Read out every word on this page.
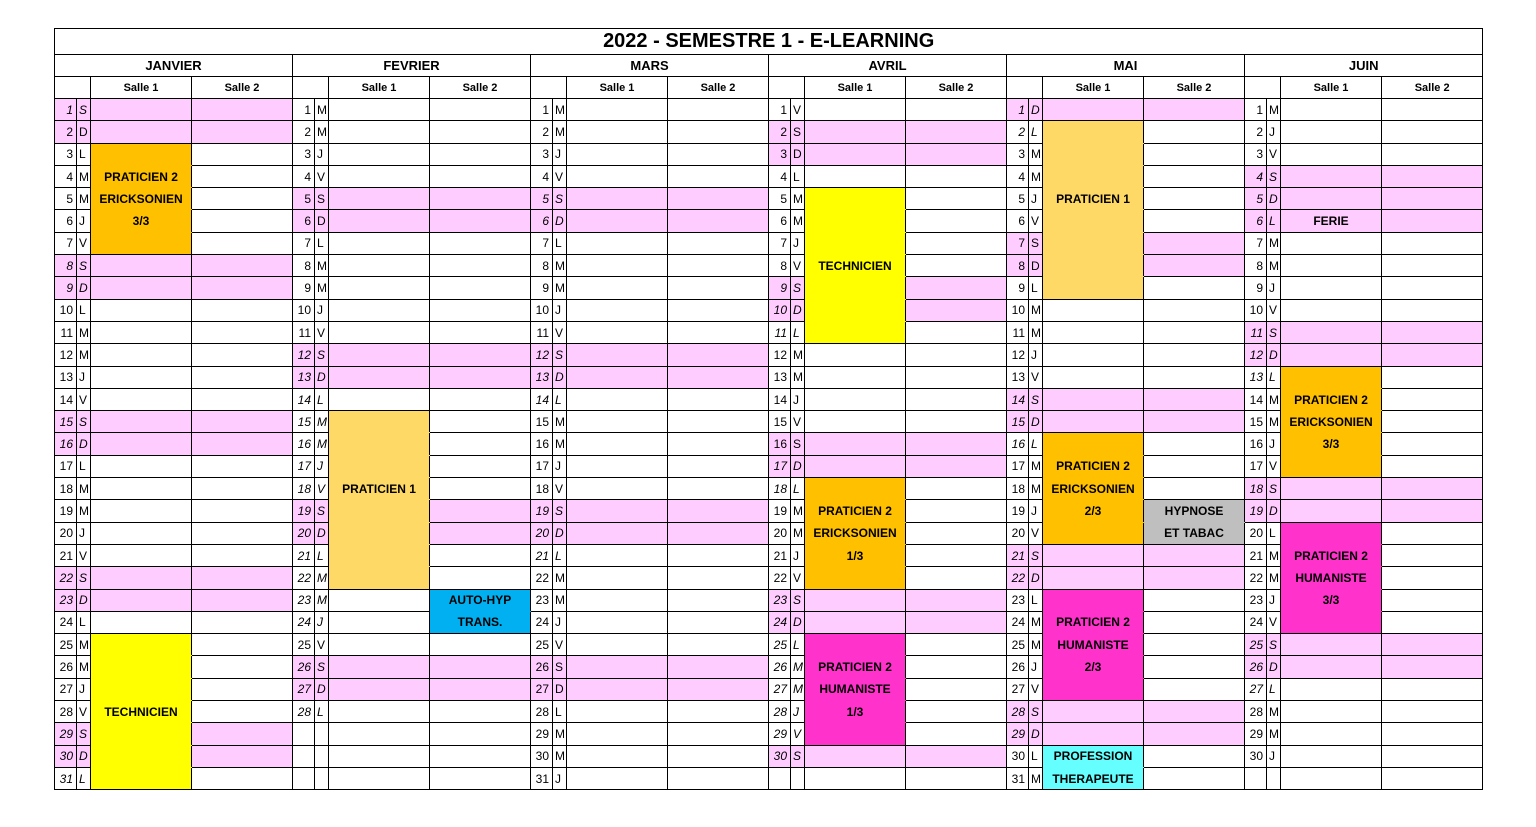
2022 - SEMESTRE 1 - E-LEARNING																							
JANVIER				FEVRIER				MARS				AVRIL				MAI				JUIN			
		Salle 1	Salle 2			Salle 1	Salle 2			Salle 1	Salle 2			Salle 1	Salle 2			Salle 1	Salle 2			Salle 1	Salle 2
1	S			1	M			1	M			1	V			1	D			1	M		
2	D			2	M			2	M			2	S			2	L			2	J		
3	L			3	J			3	J			3	D			3	M			3	V		
4	M	PRATICIEN 2		4	V			4	V			4	L			4	M			4	S		
5	M	ERICKSONIEN		5	S			5	S			5	M			5	J	PRATICIEN 1		5	D		
6	J	3/3		6	D			6	D			6	M			6	V			6	L	FERIE	
7	V			7	L			7	L			7	J			7	S			7	M		
8	S			8	M			8	M			8	V	TECHNICIEN		8	D			8	M		
9	D			9	M			9	M			9	S			9	L			9	J		
10	L			10	J			10	J			10	D			10	M			10	V		
11	M			11	V			11	V			11	L			11	M			11	S		
12	M			12	S			12	S			12	M			12	J			12	D		
13	J			13	D			13	D			13	M			13	V			13	L		
14	V			14	L			14	L			14	J			14	S			14	M	PRATICIEN 2	
15	S			15	M			15	M			15	V			15	D			15	M	ERICKSONIEN	
16	D			16	M			16	M			16	S			16	L			16	J	3/3	
17	L			17	J			17	J			17	D			17	M	PRATICIEN 2		17	V		
18	M			18	V	PRATICIEN 1		18	V			18	L			18	M	ERICKSONIEN		18	S		
19	M			19	S			19	S			19	M	PRATICIEN 2		19	J	2/3	HYPNOSE	19	D		
20	J			20	D			20	D			20	M	ERICKSONIEN		20	V		ET TABAC	20	L		
21	V			21	L			21	L			21	J	1/3		21	S			21	M	PRATICIEN 2	
22	S			22	M			22	M			22	V			22	D			22	M	HUMANISTE	
23	D			23	M		AUTO-HYP	23	M			23	S			23	L			23	J	3/3	
24	L			24	J		TRANS.	24	J			24	D			24	M	PRATICIEN 2		24	V		
25	M			25	V			25	V			25	L			25	M	HUMANISTE		25	S		
26	M			26	S			26	S			26	M	PRATICIEN 2		26	J	2/3		26	D		
27	J			27	D			27	D			27	M	HUMANISTE		27	V			27	L		
28	V	TECHNICIEN		28	L			28	L			28	J	1/3		28	S			28	M		
29	S							29	M			29	V			29	D			29	M		
30	D							30	M			30	S			30	L	PROFESSION		30	J		
31	L							31	J							31	M	THERAPEUTE					
